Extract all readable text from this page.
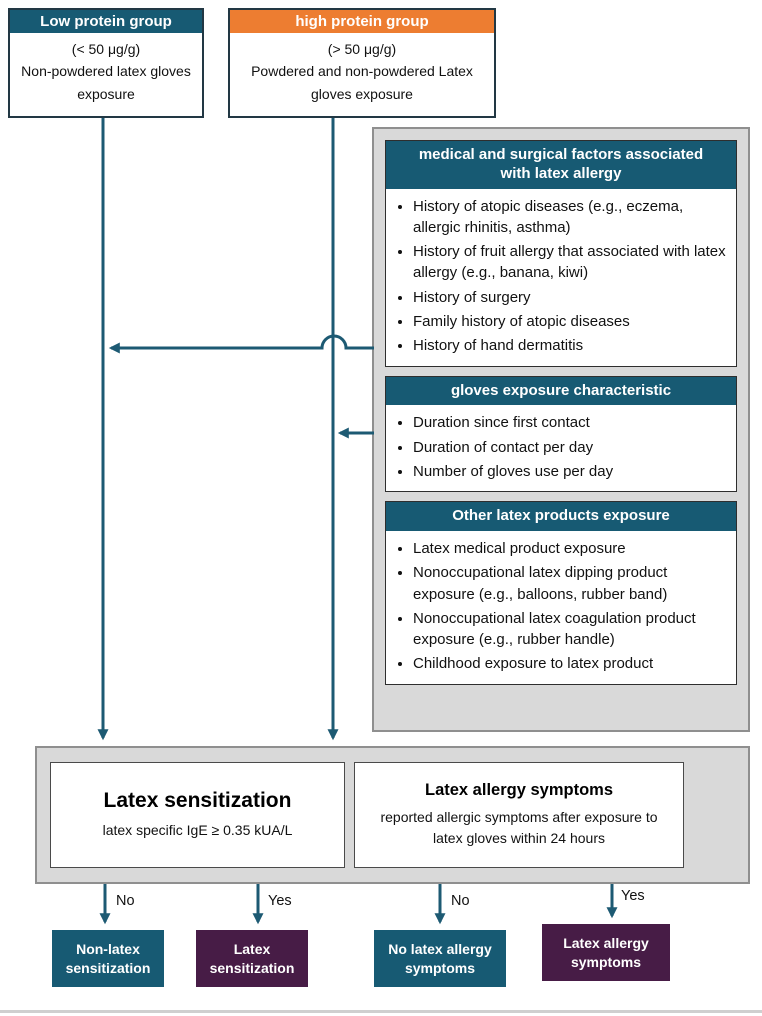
Low protein group
(< 50 μg/g)
Non-powdered latex gloves exposure
high protein group
(> 50 μg/g)
Powdered and non-powdered Latex gloves exposure
medical and surgical factors associated with latex allergy
• History of atopic diseases (e.g., eczema, allergic rhinitis, asthma)
• History of fruit allergy that associated with latex allergy (e.g., banana, kiwi)
• History of surgery
• Family history of atopic diseases
• History of hand dermatitis
gloves exposure characteristic
• Duration since first contact
• Duration of contact per day
• Number of gloves use per day
Other latex products exposure
• Latex medical product exposure
• Nonoccupational latex dipping product exposure (e.g., balloons, rubber band)
• Nonoccupational latex coagulation product exposure (e.g., rubber handle)
• Childhood exposure to latex product
Latex sensitization
latex specific IgE ≥ 0.35 kUA/L
Latex allergy symptoms
reported allergic symptoms after exposure to latex gloves within 24 hours
No	Yes	No	Yes
Non-latex sensitization
Latex sensitization
No latex allergy symptoms
Latex allergy symptoms
